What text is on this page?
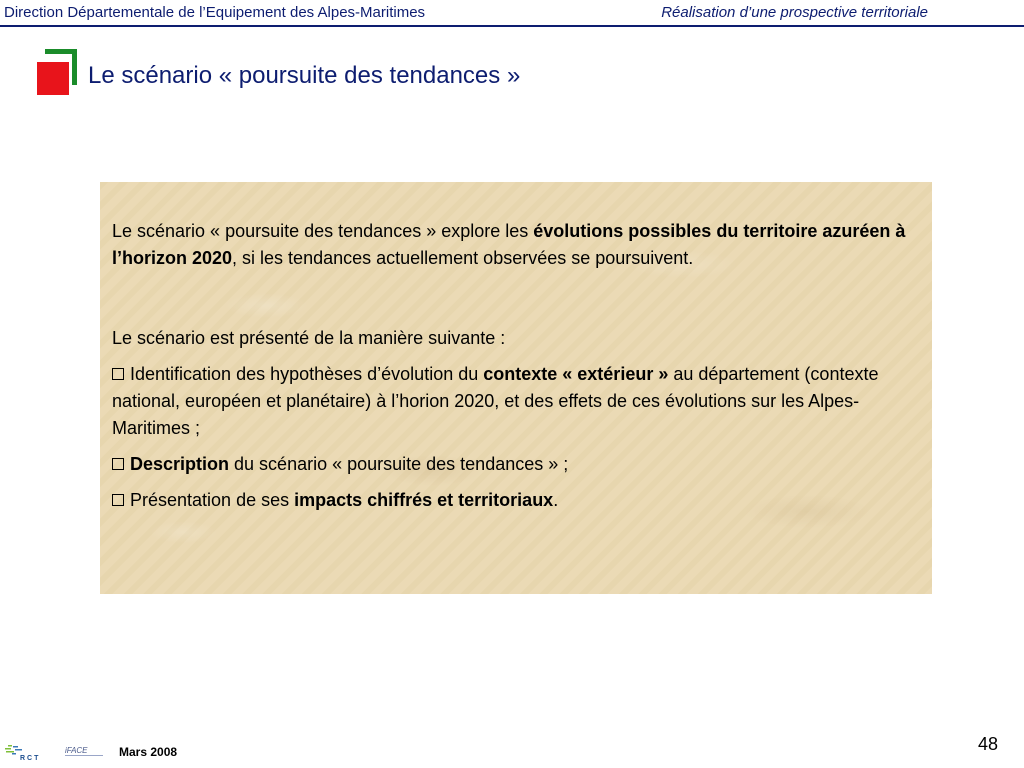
Direction Départementale de l’Equipement des Alpes-Maritimes	Réalisation d’une prospective territoriale
Le scénario « poursuite des tendances »

Le scénario « poursuite des tendances » explore les évolutions possibles du territoire azuréen à l’horizon 2020, si les tendances actuellement observées se poursuivent.

Le scénario est présenté de la manière suivante :

Identification des hypothèses d’évolution du contexte « extérieur » au département (contexte national, européen et planétaire) à l’horion 2020, et des effets de ces évolutions sur les Alpes-Maritimes ;

Description du scénario « poursuite des tendances » ;

Présentation de ses impacts chiffrés et territoriaux.

RCT
iFACE	Mars 2008	48
